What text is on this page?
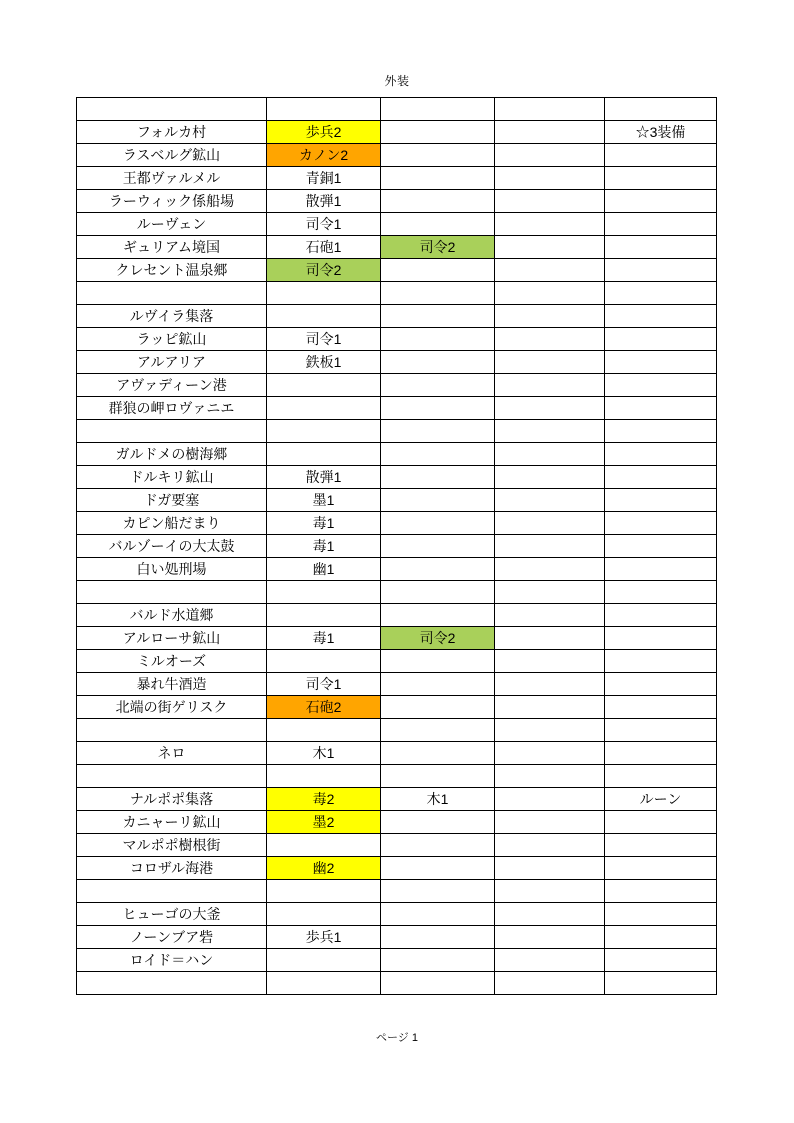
外装

フォルカ村	歩兵2			☆3装備
ラスベルグ鉱山	カノン2			
王都ヴァルメル	青銅1			
ラーウィック係船場	散弾1			
ルーヴェン	司令1			
ギュリアム境国	石砲1	司令2		
クレセント温泉郷	司令2			

ルヴイラ集落				
ラッピ鉱山	司令1			
アルアリア	鉄板1			
アヴァディーン港				
群狼の岬ロヴァニエ				

ガルドメの樹海郷				
ドルキリ鉱山	散弾1			
ドガ要塞	墨1			
カピン船だまり	毒1			
バルゾーイの大太鼓	毒1			
白い処刑場	幽1			

バルド水道郷				
アルローサ鉱山	毒1	司令2		
ミルオーズ				
暴れ牛酒造	司令1			
北端の街ゲリスク	石砲2			

ネロ	木1			

ナルポポ集落	毒2	木1		ルーン
カニャーリ鉱山	墨2			
マルポポ樹根街				
コロザル海港	幽2			

ヒューゴの大釜				
ノーンブア砦	歩兵1			
ロイド＝ハン				

ページ 1
